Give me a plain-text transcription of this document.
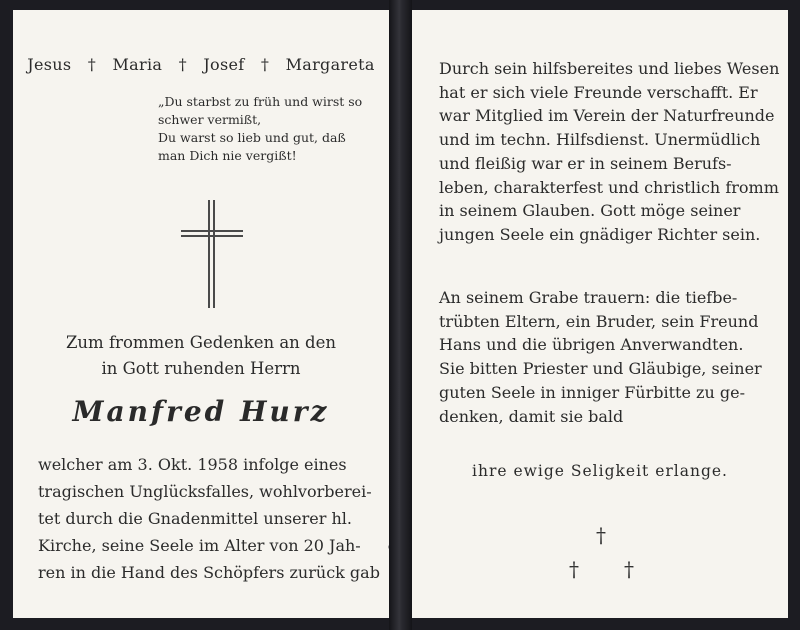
Jesus † Maria † Josef † Margareta
„Du starbst zu früh und wirst so
schwer vermißt,
Du warst so lieb und gut, daß
man Dich nie vergißt!
Zum frommen Gedenken an den
in Gott ruhenden Herrn
Manfred Hurz
welcher am 3. Okt. 1958 infolge eines
tragischen Unglücksfalles, wohlvorberei-
tet durch die Gnadenmittel unserer hl.
Kirche, seine Seele im Alter von 20 Jah-
ren in die Hand des Schöpfers zurück gab
Durch sein hilfsbereites und liebes Wesen
hat er sich viele Freunde verschafft. Er
war Mitglied im Verein der Naturfreunde
und im techn. Hilfsdienst. Unermüdlich
und fleißig war er in seinem Berufs-
leben, charakterfest und christlich fromm
in seinem Glauben. Gott möge seiner
jungen Seele ein gnädiger Richter sein.
An seinem Grabe trauern: die tiefbe-
trübten Eltern, ein Bruder, sein Freund
Hans und die übrigen Anverwandten.
Sie bitten Priester und Gläubige, seiner
guten Seele in inniger Fürbitte zu ge-
denken, damit sie bald
ihre ewige Seligkeit erlange.
†
† †
